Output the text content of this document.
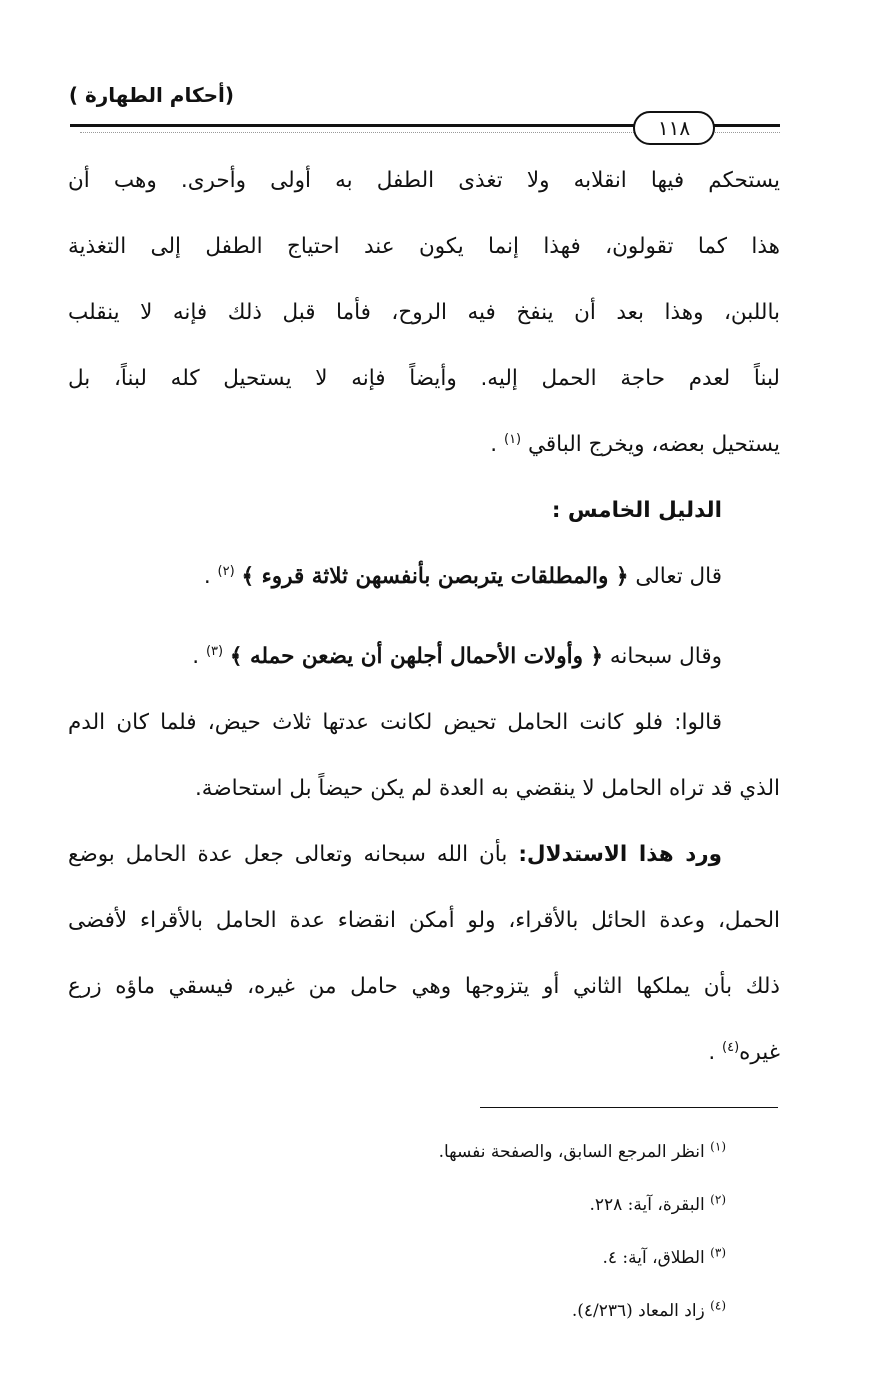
(أحكام الطهارة )
١١٨
يستحكم فيها انقلابه ولا تغذى الطفل به أولى وأحرى. وهب أن
هذا كما تقولون، فهذا إنما يكون عند احتياج الطفل إلى التغذية
باللبن، وهذا بعد أن ينفخ فيه الروح، فأما قبل ذلك فإنه لا ينقلب
لبناً لعدم حاجة الحمل إليه. وأيضاً فإنه لا يستحيل كله لبناً، بل
يستحيل بعضه، ويخرج الباقي $^{(١)}$ .
الدليل الخامس :
قال تعالى ﴿ والمطلقات يتربصن بأنفسهن ثلاثة قروء ﴾ $^{(٢)}$ .
وقال سبحانه ﴿ وأولات الأحمال أجلهن أن يضعن حمله ﴾ $^{(٣)}$ .
قالوا: فلو كانت الحامل تحيض لكانت عدتها ثلاث حيض، فلما كان الدم
الذي قد تراه الحامل لا ينقضي به العدة لم يكن حيضاً بل استحاضة.
ورد هذا الاستدلال: بأن الله سبحانه وتعالى جعل عدة الحامل بوضع
الحمل، وعدة الحائل بالأقراء، ولو أمكن انقضاء عدة الحامل بالأقراء لأفضى
ذلك بأن يملكها الثاني أو يتزوجها وهي حامل من غيره، فيسقي ماؤه زرع
غيره$^{(٤)}$ .
$^{(١)}$ انظر المرجع السابق، والصفحة نفسها.
$^{(٢)}$ البقرة، آية: ٢٢٨.
$^{(٣)}$ الطلاق، آية: ٤.
$^{(٤)}$ زاد المعاد (٤/٢٣٦).
